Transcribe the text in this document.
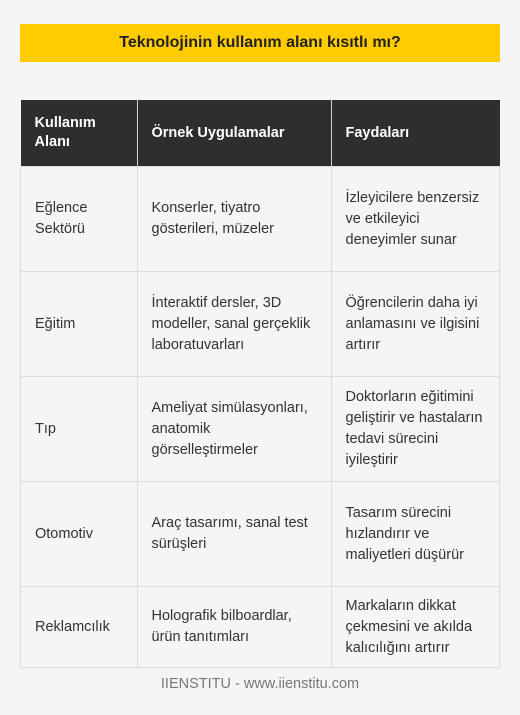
Teknolojinin kullanım alanı kısıtlı mı?
Kullanım Alanı	Örnek Uygulamalar	Faydaları
Eğlence Sektörü	Konserler, tiyatro gösterileri, müzeler	İzleyicilere benzersiz ve etkileyici deneyimler sunar
Eğitim	İnteraktif dersler, 3D modeller, sanal gerçeklik laboratuvarları	Öğrencilerin daha iyi anlamasını ve ilgisini artırır
Tıp	Ameliyat simülasyonları, anatomik görselleştirmeler	Doktorların eğitimini geliştirir ve hastaların tedavi sürecini iyileştirir
Otomotiv	Araç tasarımı, sanal test sürüşleri	Tasarım sürecini hızlandırır ve maliyetleri düşürür
Reklamcılık	Holografik bilboardlar, ürün tanıtımları	Markaların dikkat çekmesini ve akılda kalıcılığını artırır
IIENSTITU - www.iienstitu.com
